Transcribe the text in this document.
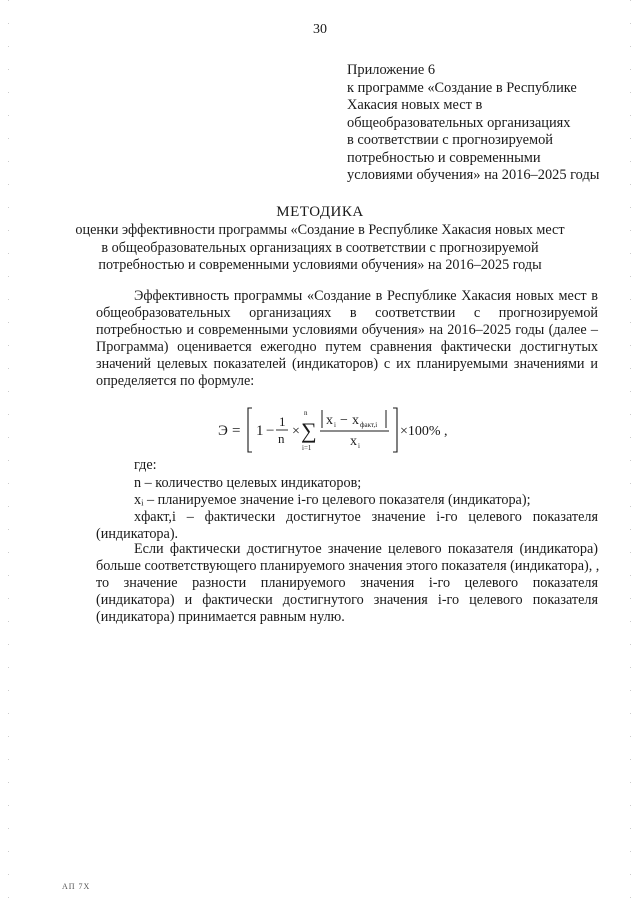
30
Приложение 6
к программе «Создание в Республике
Хакасия новых мест в
общеобразовательных организациях
в соответствии с прогнозируемой
потребностью и современными
условиями обучения» на 2016–2025 годы
МЕТОДИКА
оценки эффективности программы «Создание в Республике Хакасия новых мест
в общеобразовательных организациях в соответствии с прогнозируемой
потребностью и современными условиями обучения» на 2016–2025 годы
Эффективность программы «Создание в Республике Хакасия новых мест в
общеобразовательных организациях в соответствии с прогнозируемой
потребностью и современными условиями обучения» на 2016–2025 годы (далее –
Программа) оценивается ежегодно путем сравнения фактически достигнутых
значений целевых показателей (индикаторов) с их планируемыми значениями и
определяется по формуле:
Э = 1 −
1
n ×
n
∑
i=1
x i − x факт,i
x i
×100% ,
где:
n – количество целевых индикаторов;
xᵢ – планируемое значение i-го целевого показателя (индикатора);
xфакт,i – фактически достигнутое значение i-го целевого показателя
(индикатора).
Если фактически достигнутое значение целевого показателя (индикатора)
больше соответствующего планируемого значения этого показателя (индикатора), ,
то значение разности планируемого значения i-го целевого показателя
(индикатора) и фактически достигнутого значения i-го целевого показателя
(индикатора) принимается равным нулю.
АП 7Х
